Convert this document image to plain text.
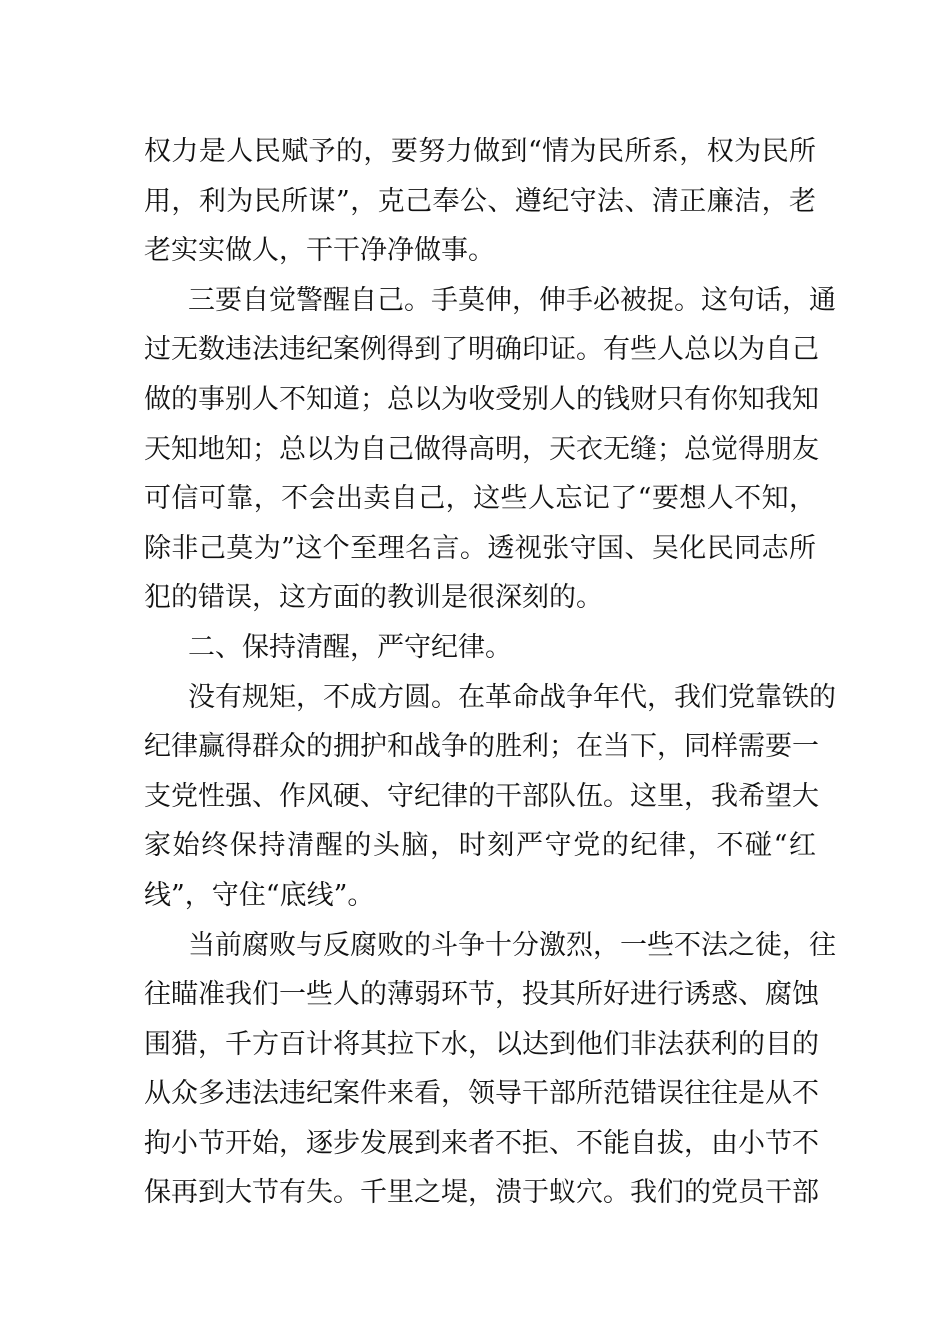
权力是人民赋予的，要努力做到“情为民所系，权为民所
用，利为民所谋”，克己奉公、遵纪守法、清正廉洁，老
老实实做人，干干净净做事。
三要自觉警醒自己。手莫伸，伸手必被捉。这句话，通
过无数违法违纪案例得到了明确印证。有些人总以为自己
做的事别人不知道；总以为收受别人的钱财只有你知我知
天知地知；总以为自己做得高明，天衣无缝；总觉得朋友
可信可靠，不会出卖自己，这些人忘记了“要想人不知，
除非己莫为”这个至理名言。透视张守国、吴化民同志所
犯的错误，这方面的教训是很深刻的。
二、保持清醒，严守纪律。
没有规矩，不成方圆。在革命战争年代，我们党靠铁的
纪律赢得群众的拥护和战争的胜利；在当下，同样需要一
支党性强、作风硬、守纪律的干部队伍。这里，我希望大
家始终保持清醒的头脑，时刻严守党的纪律，不碰“红
线”，守住“底线”。
当前腐败与反腐败的斗争十分激烈，一些不法之徒，往
往瞄准我们一些人的薄弱环节，投其所好进行诱惑、腐蚀
围猎，千方百计将其拉下水，以达到他们非法获利的目的
从众多违法违纪案件来看，领导干部所范错误往往是从不
拘小节开始，逐步发展到来者不拒、不能自拔，由小节不
保再到大节有失。千里之堤，溃于蚁穴。我们的党员干部
